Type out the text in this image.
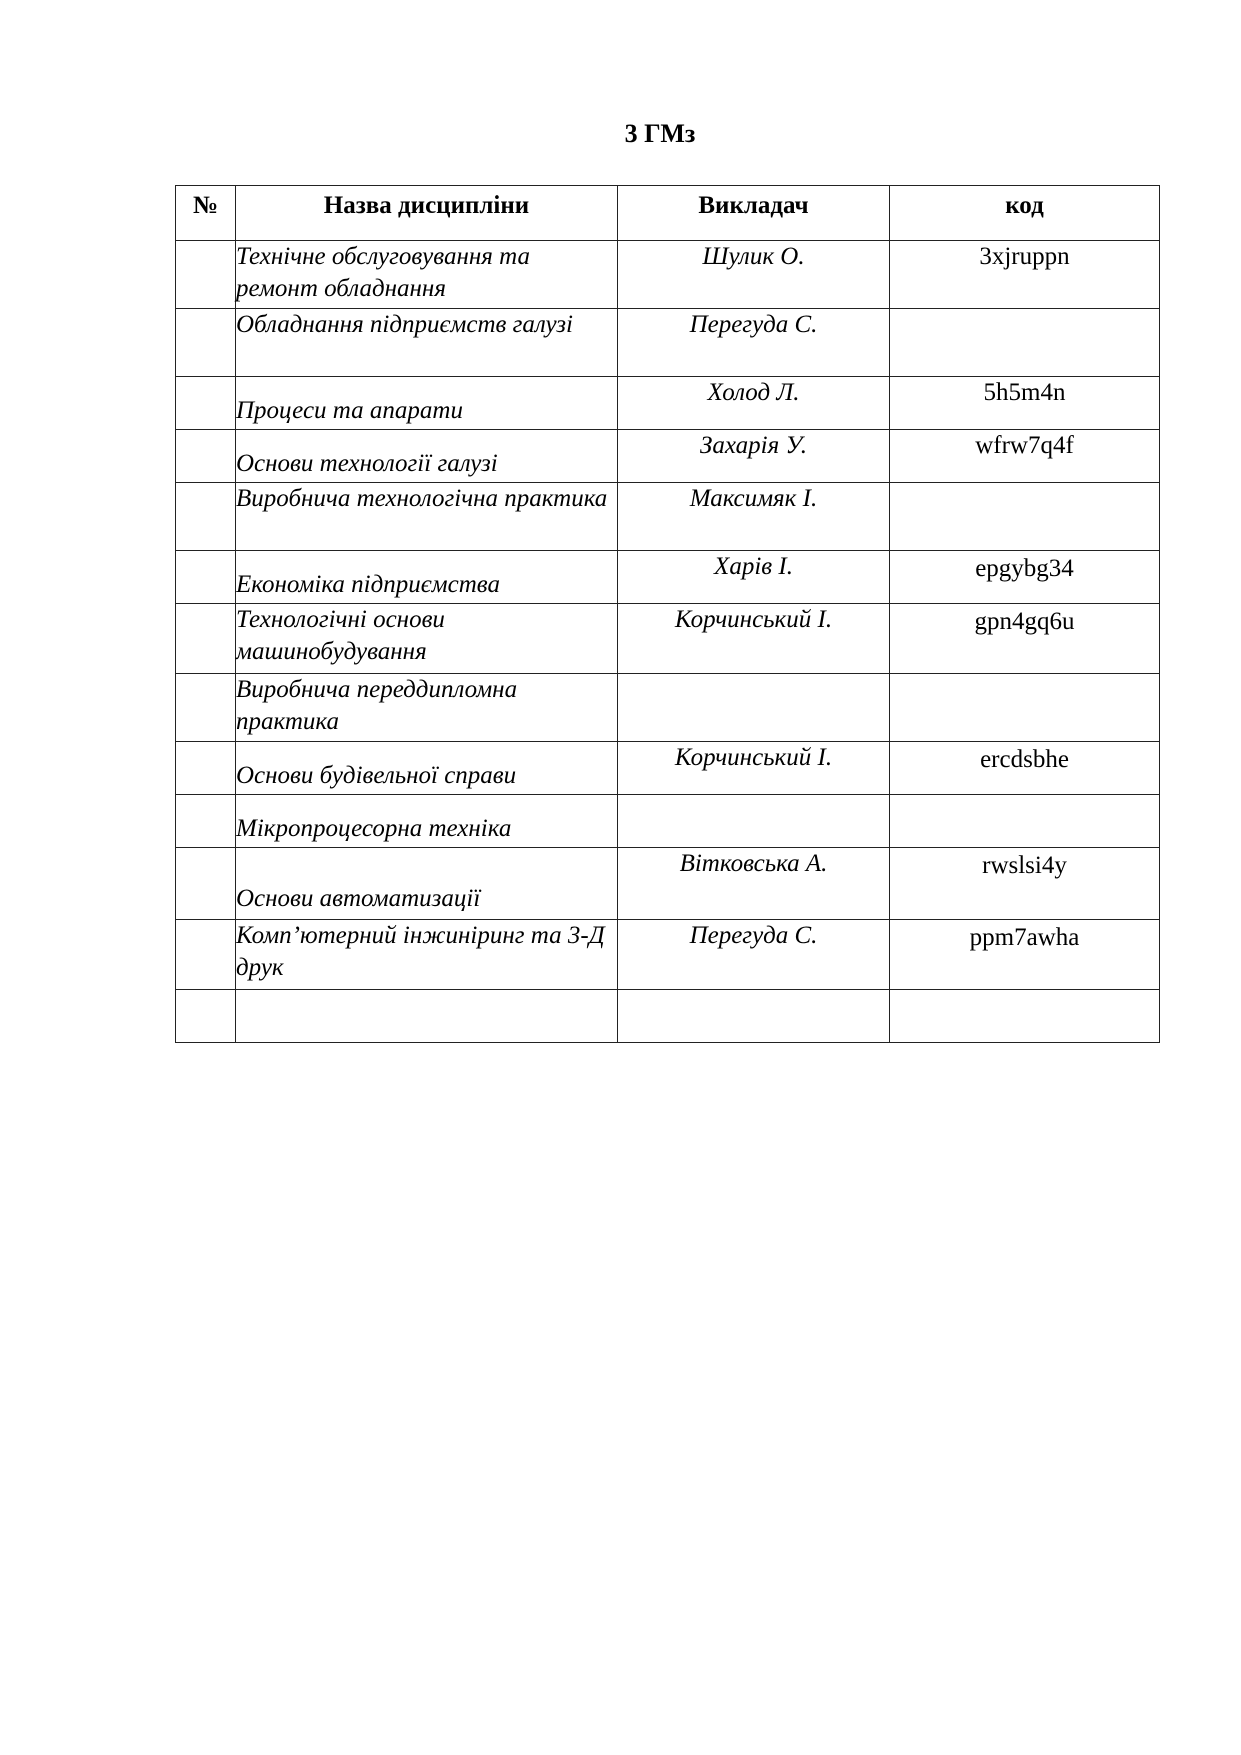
3 ГМз
№	Назва дисципліни	Викладач	код
	Технічне обслуговування та ремонт обладнання	Шулик О.	3xjruppn
	Обладнання підприємств галузі	Перегуда С.	
	Процеси та апарати	Холод Л.	5h5m4n
	Основи технології галузі	Захарія У.	wfrw7q4f
	Виробнича технологічна практика	Максимяк І.	
	Економіка підприємства	Харів І.	epgybg34
	Технологічні основи машинобудування	Корчинський І.	gpn4gq6u
	Виробнича переддипломна практика		
	Основи будівельної справи	Корчинський І.	ercdsbhe
	Мікропроцесорна техніка		
	Основи автоматизації	Вітковська А.	rwslsi4y
	Комп’ютерний інжиніринг та 3-Д друк	Перегуда С.	ppm7awha
